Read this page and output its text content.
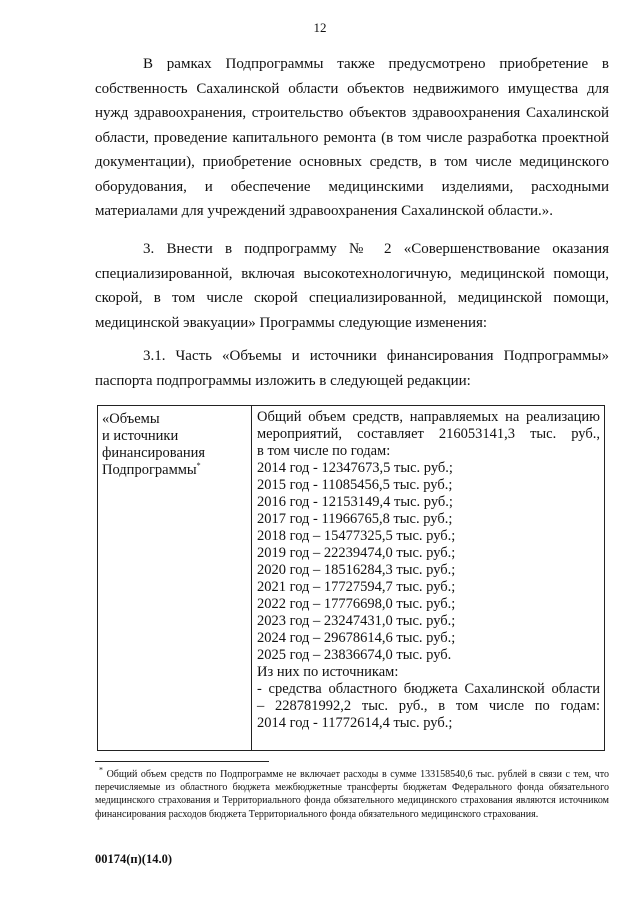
12

В рамках Подпрограммы также предусмотрено приобретение в собственность Сахалинской области объектов недвижимого имущества для нужд здравоохранения, строительство объектов здравоохранения Сахалинской области, проведение капитального ремонта (в том числе разработка проектной документации), приобретение основных средств, в том числе медицинского оборудования, и обеспечение медицинскими изделиями, расходными материалами для учреждений здравоохранения Сахалинской области.».

3. Внести в подпрограмму № 2 «Совершенствование оказания специализированной, включая высокотехнологичную, медицинской помощи, скорой, в том числе скорой специализированной, медицинской помощи, медицинской эвакуации» Программы следующие изменения:

3.1. Часть «Объемы и источники финансирования Подпрограммы» паспорта подпрограммы изложить в следующей редакции:

«Объемы
и источники
финансирования
Подпрограммы*
Общий объем средств, направляемых на реализацию мероприятий, составляет 216053141,3 тыс. руб.,
в том числе по годам:
2014 год - 12347673,5 тыс. руб.;
2015 год - 11085456,5 тыс. руб.;
2016 год - 12153149,4 тыс. руб.;
2017 год - 11966765,8 тыс. руб.;
2018 год – 15477325,5 тыс. руб.;
2019 год – 22239474,0 тыс. руб.;
2020 год – 18516284,3 тыс. руб.;
2021 год – 17727594,7 тыс. руб.;
2022 год – 17776698,0 тыс. руб.;
2023 год – 23247431,0 тыс. руб.;
2024 год – 29678614,6 тыс. руб.;
2025 год – 23836674,0 тыс. руб.
Из них по источникам:
- средства областного бюджета Сахалинской области
– 228781992,2 тыс. руб., в том числе по годам:
2014 год - 11772614,4 тыс. руб.;

* Общий объем средств по Подпрограмме не включает расходы в сумме 133158540,6 тыс. рублей в связи с тем, что перечисляемые из областного бюджета межбюджетные трансферты бюджетам Федерального фонда обязательного медицинского страхования и Территориального фонда обязательного медицинского страхования являются источником финансирования расходов бюджета Территориального фонда обязательного медицинского страхования.

00174(п)(14.0)
